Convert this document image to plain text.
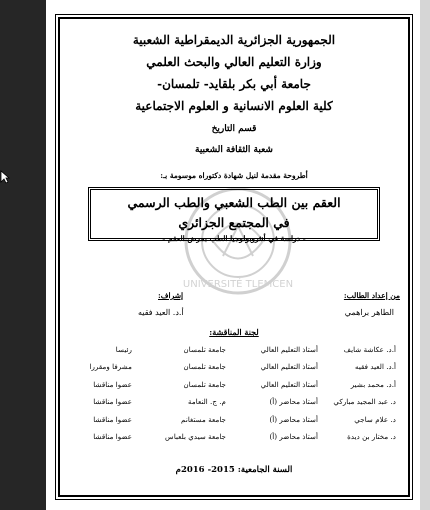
الجمهورية الجزائرية الديمقراطية الشعبية
وزارة التعليم العالي والبحث العلمي
جامعة أبي بكر بلقايد- تلمسان-
كلية العلوم الانسانية و العلوم الاجتماعية
قسم التاريخ
شعبة الثقافة الشعبية
أطروحة مقدمة لنيل شهادة دكتوراه موسومة بـ:
UNIVERSITÉ TLEMCEN
العقم بين الطب الشعبي والطب الرسمي
في المجتمع الجزائري
- دراسة في أنثروبولوجيا الطب بمرض العقم -
من إعداد الطالب:
الطاهر براهمي
إشراف:
أ.د. العيد فقيه
لجنة المناقشة:
أ.د. عكاشة شايف
أستاذ التعليم العالي
جامعة تلمسان
رئيسا
أ.د. العيد فقيه
أستاذ التعليم العالي
جامعة تلمسان
مشرفا ومقررا
أ.د. محمد بشير
أستاذ التعليم العالي
جامعة تلمسان
عضوا مناقشا
د. عبد المجيد مباركي
أستاذ محاضر (أ)
م. ج. النعامة
عضوا مناقشا
د. علام ساجي
أستاذ محاضر (أ)
جامعة مستغانم
عضوا مناقشا
د. مختار بن ديدة
أستاذ محاضر (أ)
جامعة سيدي بلعباس
عضوا مناقشا
السنة الجامعية: 2015- 2016م
